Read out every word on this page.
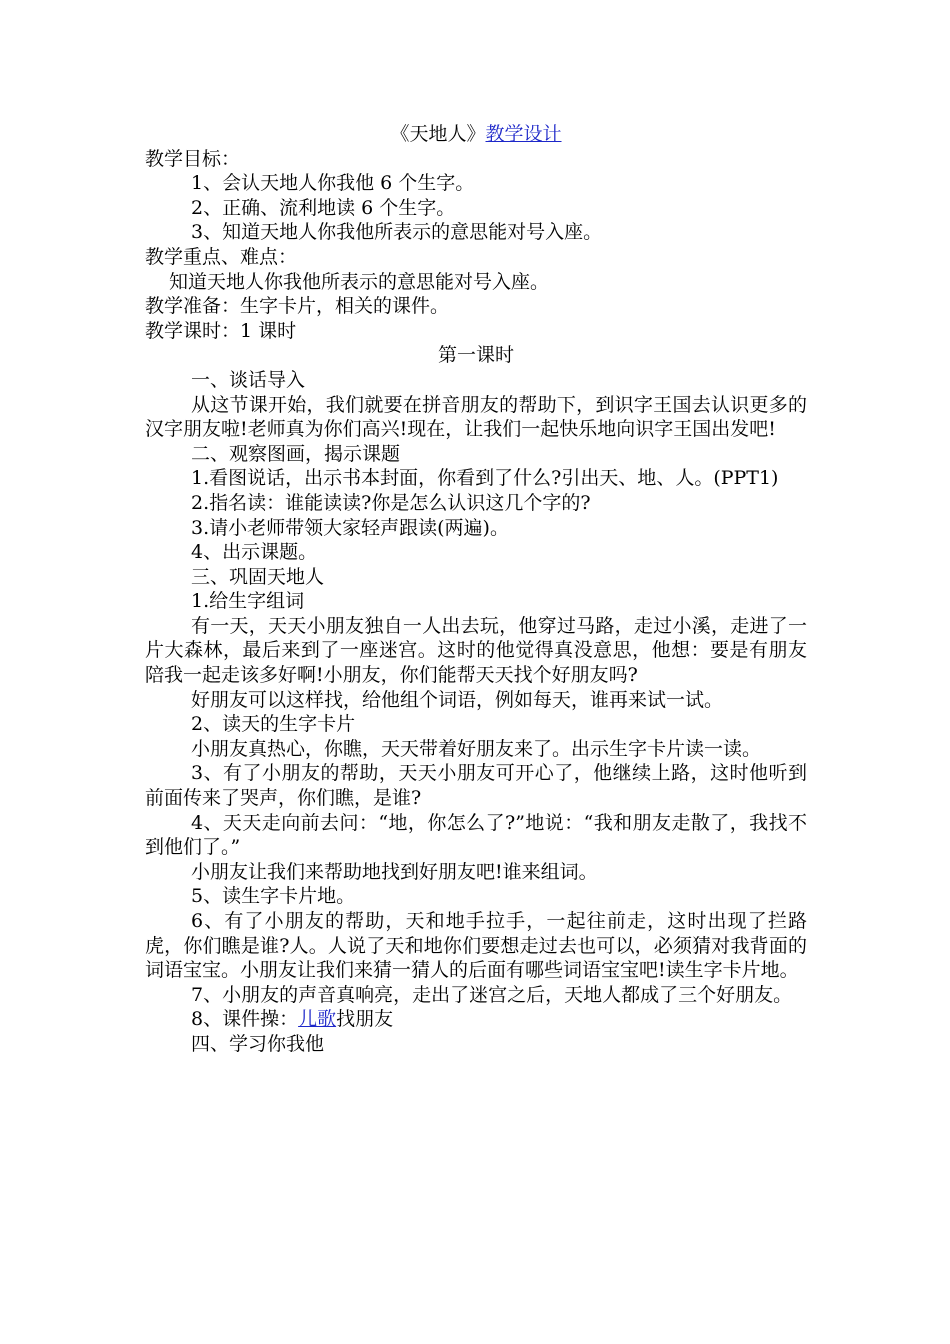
《天地人》教学设计
教学目标：
1、会认天地人你我他 6 个生字。
2、正确、流利地读 6 个生字。
3、知道天地人你我他所表示的意思能对号入座。
教学重点、难点：
知道天地人你我他所表示的意思能对号入座。
教学准备：生字卡片，相关的课件。
教学课时：1 课时
第一课时
一、谈话导入
从这节课开始，我们就要在拼音朋友的帮助下，到识字王国去认识更多的汉字朋友啦!老师真为你们高兴!现在，让我们一起快乐地向识字王国出发吧!
二、观察图画，揭示课题
1.看图说话，出示书本封面，你看到了什么?引出天、地、人。(PPT1)
2.指名读：谁能读读?你是怎么认识这几个字的?
3.请小老师带领大家轻声跟读(两遍)。
4、出示课题。
三、巩固天地人
1.给生字组词
有一天，天天小朋友独自一人出去玩，他穿过马路，走过小溪，走进了一片大森林，最后来到了一座迷宫。这时的他觉得真没意思，他想：要是有朋友陪我一起走该多好啊!小朋友，你们能帮天天找个好朋友吗?
好朋友可以这样找，给他组个词语，例如每天，谁再来试一试。
2、读天的生字卡片
小朋友真热心，你瞧，天天带着好朋友来了。出示生字卡片读一读。
3、有了小朋友的帮助，天天小朋友可开心了，他继续上路，这时他听到前面传来了哭声，你们瞧，是谁?
4、天天走向前去问：“地，你怎么了?”地说：“我和朋友走散了，我找不到他们了。”
小朋友让我们来帮助地找到好朋友吧!谁来组词。
5、读生字卡片地。
6、有了小朋友的帮助，天和地手拉手，一起往前走，这时出现了拦路虎，你们瞧是谁?人。人说了天和地你们要想走过去也可以，必须猜对我背面的词语宝宝。小朋友让我们来猜一猜人的后面有哪些词语宝宝吧!读生字卡片地。
7、小朋友的声音真响亮，走出了迷宫之后，天地人都成了三个好朋友。
8、课件操：儿歌找朋友
四、学习你我他
